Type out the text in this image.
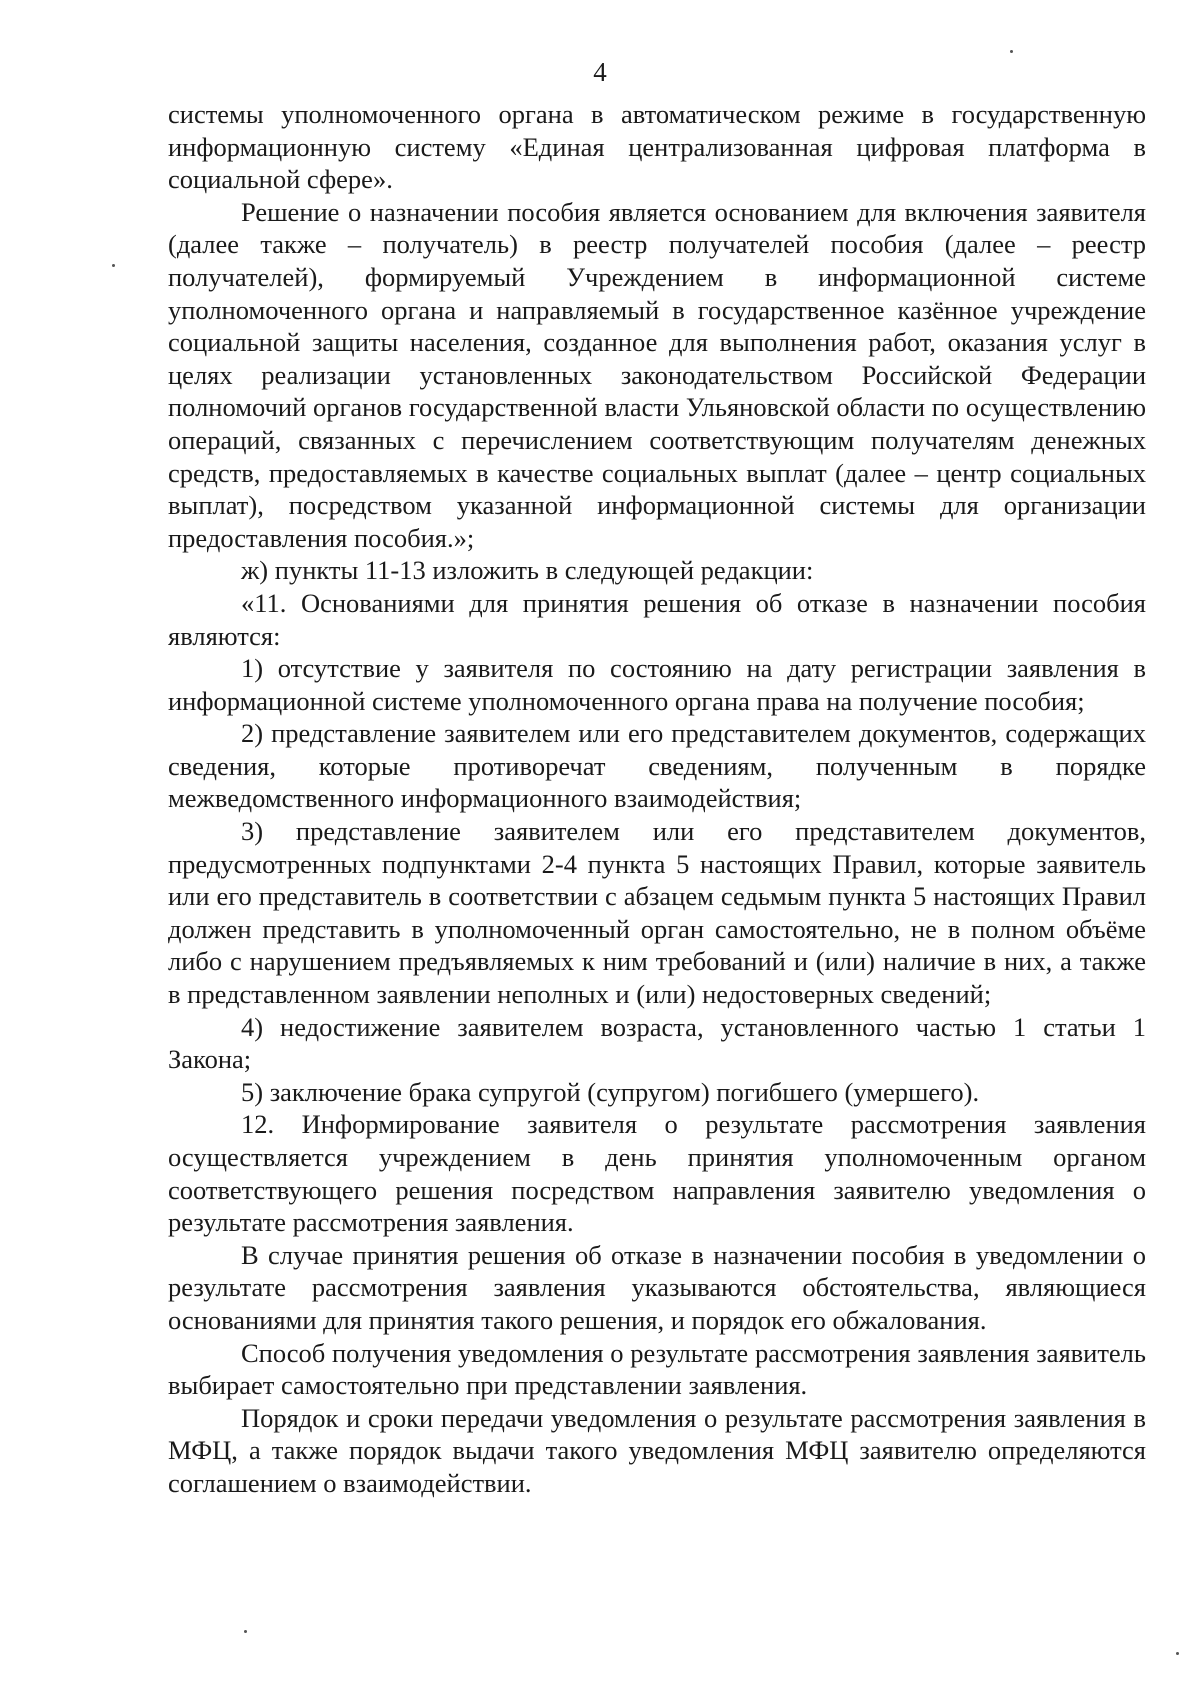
4

системы уполномоченного органа в автоматическом режиме в государственную информационную систему «Единая централизованная цифровая платформа в социальной сфере».

Решение о назначении пособия является основанием для включения заявителя (далее также – получатель) в реестр получателей пособия (далее – реестр получателей), формируемый Учреждением в информационной системе уполномоченного органа и направляемый в государственное казённое учреждение социальной защиты населения, созданное для выполнения работ, оказания услуг в целях реализации установленных законодательством Российской Федерации полномочий органов государственной власти Ульяновской области по осуществлению операций, связанных с перечислением соответствующим получателям денежных средств, предоставляемых в качестве социальных выплат (далее – центр социальных выплат), посредством указанной информационной системы для организации предоставления пособия.»;

ж) пункты 11-13 изложить в следующей редакции:

«11. Основаниями для принятия решения об отказе в назначении пособия являются:

1) отсутствие у заявителя по состоянию на дату регистрации заявления в информационной системе уполномоченного органа права на получение пособия;

2) представление заявителем или его представителем документов, содержащих сведения, которые противоречат сведениям, полученным в порядке межведомственного информационного взаимодействия;

3) представление заявителем или его представителем документов, предусмотренных подпунктами 2-4 пункта 5 настоящих Правил, которые заявитель или его представитель в соответствии с абзацем седьмым пункта 5 настоящих Правил должен представить в уполномоченный орган самостоятельно, не в полном объёме либо с нарушением предъявляемых к ним требований и (или) наличие в них, а также в представленном заявлении неполных и (или) недостоверных сведений;

4) недостижение заявителем возраста, установленного частью 1 статьи 1 Закона;

5) заключение брака супругой (супругом) погибшего (умершего).

12. Информирование заявителя о результате рассмотрения заявления осуществляется учреждением в день принятия уполномоченным органом соответствующего решения посредством направления заявителю уведомления о результате рассмотрения заявления.

В случае принятия решения об отказе в назначении пособия в уведомлении о результате рассмотрения заявления указываются обстоятельства, являющиеся основаниями для принятия такого решения, и порядок его обжалования.

Способ получения уведомления о результате рассмотрения заявления заявитель выбирает самостоятельно при представлении заявления.

Порядок и сроки передачи уведомления о результате рассмотрения заявления в МФЦ, а также порядок выдачи такого уведомления МФЦ заявителю определяются соглашением о взаимодействии.
